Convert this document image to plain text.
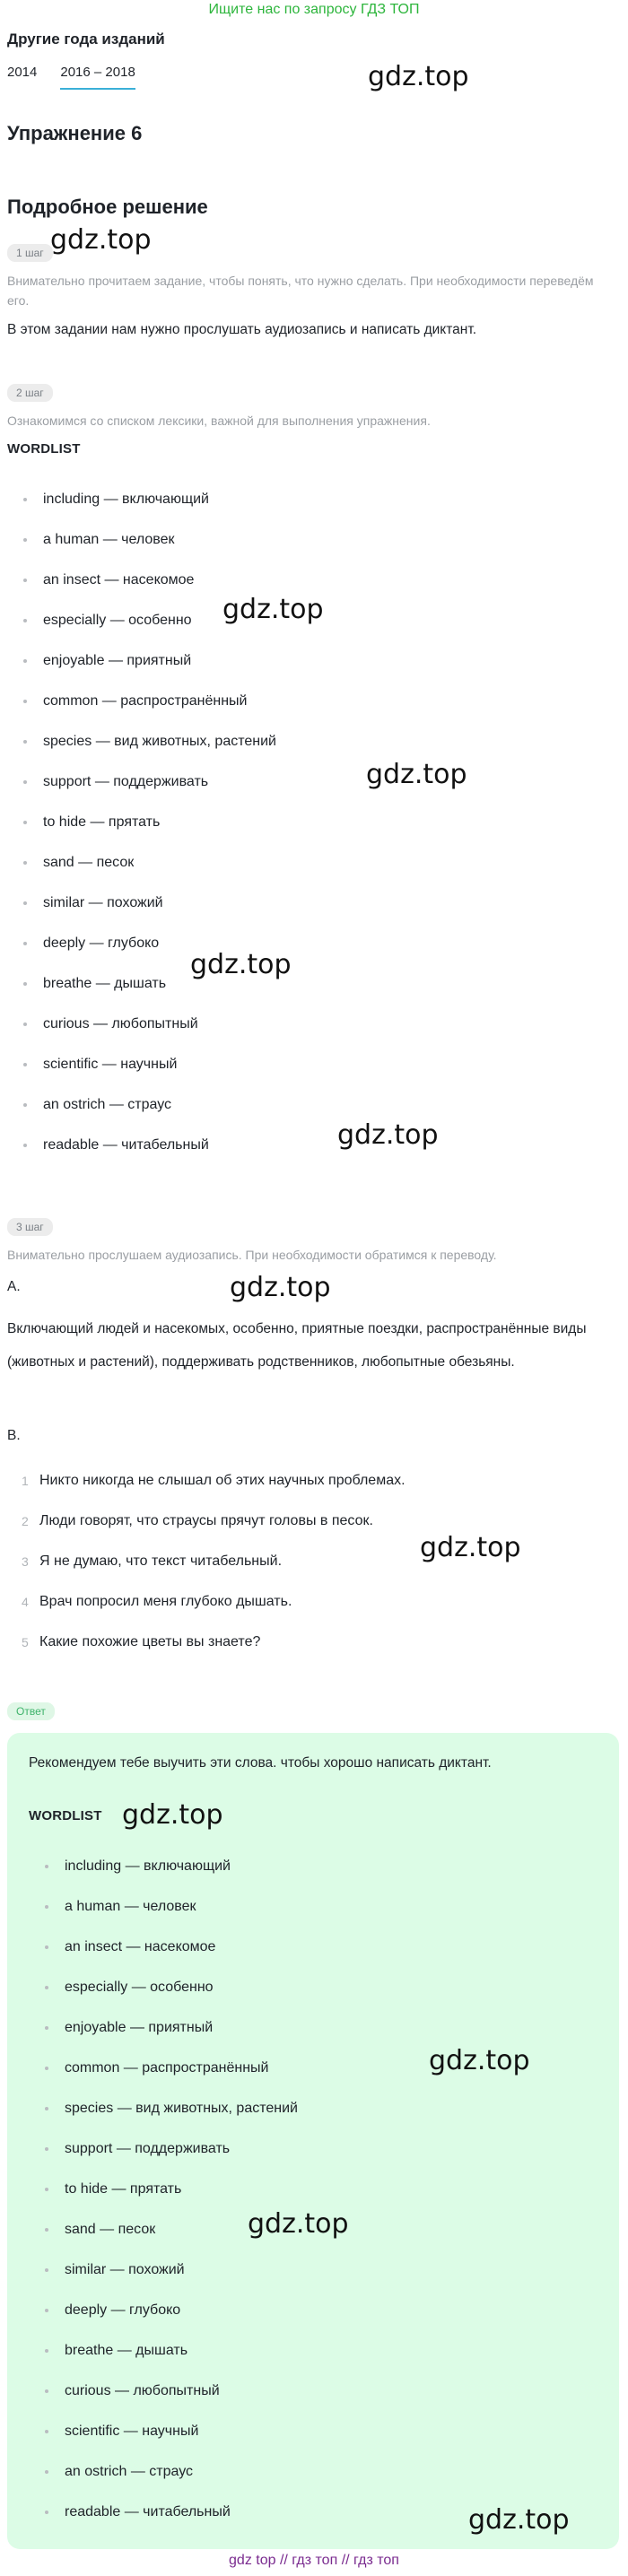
Ищите нас по запросу ГДЗ ТОП
Другие года изданий
2014 2016 – 2018
Упражнение 6
Подробное решение
1 шаг
Внимательно прочитаем задание, чтобы понять, что нужно сделать. При необходимости переведём его.
В этом задании нам нужно прослушать аудиозапись и написать диктант.
2 шаг
Ознакомимся со списком лексики, важной для выполнения упражнения.
WORDLIST
including — включающий
a human — человек
an insect — насекомое
especially — особенно
enjoyable — приятный
common — распространённый
species — вид животных, растений
support — поддерживать
to hide — прятать
sand — песок
similar — похожий
deeply — глубоко
breathe — дышать
curious — любопытный
scientific — научный
an ostrich — страус
readable — читабельный
3 шаг
Внимательно прослушаем аудиозапись. При необходимости обратимся к переводу.
A.
Включающий людей и насекомых, особенно, приятные поездки, распространённые виды (животных и растений), поддерживать родственников, любопытные обезьяны.
B.
1 Никто никогда не слышал об этих научных проблемах.
2 Люди говорят, что страусы прячут головы в песок.
3 Я не думаю, что текст читабельный.
4 Врач попросил меня глубоко дышать.
5 Какие похожие цветы вы знаете?
Ответ
Рекомендуем тебе выучить эти слова. чтобы хорошо написать диктант.
WORDLIST
including — включающий
a human — человек
an insect — насекомое
especially — особенно
enjoyable — приятный
common — распространённый
species — вид животных, растений
support — поддерживать
to hide — прятать
sand — песок
similar — похожий
deeply — глубоко
breathe — дышать
curious — любопытный
scientific — научный
an ostrich — страус
readable — читабельный
gdz.top
gdz.top
gdz.top
gdz.top
gdz.top
gdz.top
gdz.top
gdz.top
gdz.top
gdz.top
gdz.top
gdz.top
gdz top // гдз топ // гдз топ
